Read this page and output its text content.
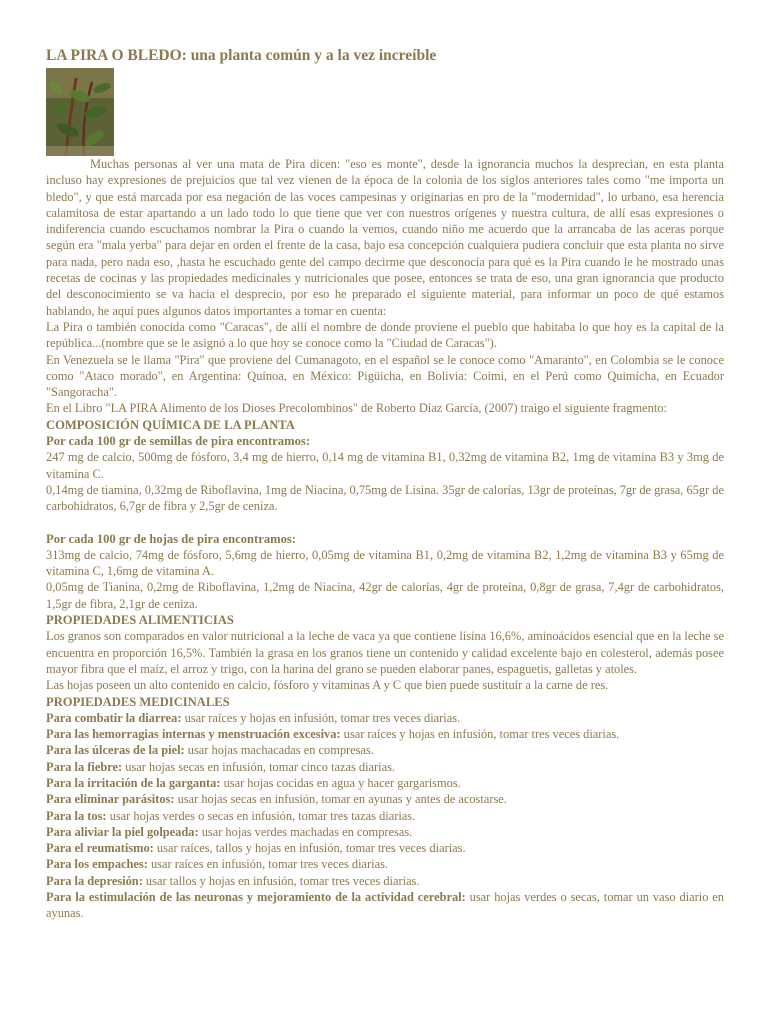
LA PIRA O BLEDO: una planta común y a la vez increíble

Muchas personas al ver una mata de Pira dicen: "eso es monte", desde la ignorancia muchos la desprecian, en esta planta incluso hay expresiones de prejuicios que tal vez vienen de la época de la colonia de los siglos anteriores tales como "me importa un bledo", y que está marcada por esa negación de las voces campesinas y originarias en pro de la "modernidad", lo urbano, esa herencia calamitosa de estar apartando a un lado todo lo que tiene que ver con nuestros orígenes y nuestra cultura, de allí esas expresiones o indiferencia cuando escuchamos nombrar la Pira o cuando la vemos, cuando niño me acuerdo que la arrancaba de las aceras porque según era "mala yerba" para dejar en orden el frente de la casa, bajo esa concepción cualquiera pudiera concluir que esta planta no sirve para nada, pero nada eso, ,hasta he escuchado gente del campo decirme que desconocía para qué es la Pira cuando le he mostrado unas recetas de cocinas y las propiedades medicinales y nutricionales que posee, entonces se trata de eso, una gran ignorancia que producto del desconocimiento se va hacia el desprecio, por eso he preparado el siguiente material, para informar un poco de qué estamos hablando, he aquí pues algunos datos importantes a tomar en cuenta:

La Pira o también conocida como "Caracas", de allí el nombre de donde proviene el pueblo que habitaba lo que hoy es la capital de la república...(nombre que se le asignó a lo que hoy se conoce como la "Ciudad de Caracas").

En Venezuela se le llama "Pira" que proviene del Cumanagoto, en el español se le conoce como "Amaranto", en Colombia se le conoce como "Ataco morado", en Argentina: Quínoa, en México: Pigüicha, en Bolivia: Coimi, en el Perú como Quimícha, en Ecuador "Sangoracha".

En el Libro "LA PIRA Alimento de los Dioses Precolombinos" de Roberto Díaz García, (2007) traigo el siguiente fragmento:

COMPOSICIÓN QUÍMICA DE LA PLANTA

Por cada 100 gr de semillas de pira encontramos:

247 mg de calcio, 500mg de fósforo, 3,4 mg de hierro, 0,14 mg de vitamina B1, 0,32mg de vitamina B2, 1mg de vitamina B3 y 3mg de vitamina C.

0,14mg de tiamina, 0,32mg de Riboflavina, 1mg de Niacina, 0,75mg de Lisina. 35gr de calorías, 13gr de proteínas, 7gr de grasa, 65gr de carbohidratos, 6,7gr de fibra y 2,5gr de ceniza.

Por cada 100 gr de hojas de pira encontramos:

313mg de calcio, 74mg de fósforo, 5,6mg de hierro, 0,05mg de vitamina B1, 0,2mg de vitamina B2, 1,2mg de vitamina B3 y 65mg de vitamina C, 1,6mg de vitamina A.

0,05mg de Tianina, 0,2mg de Riboflavina, 1,2mg de Niacina, 42gr de calorías, 4gr de proteína, 0,8gr de grasa, 7,4gr de carbohidratos, 1,5gr de fibra, 2,1gr de ceniza.

PROPIEDADES ALIMENTICIAS

Los granos son comparados en valor nutricional a la leche de vaca ya que contiene lísina 16,6%, aminoácidos esencial que en la leche se encuentra en proporción 16,5%. También la grasa en los granos tiene un contenido y calidad excelente bajo en colesterol, además posee mayor fibra que el maíz, el arroz y trigo, con la harina del grano se pueden elaborar panes, espaguetis, galletas y atoles.

Las hojas poseen un alto contenido en calcio, fósforo y vitaminas A y C que bien puede sustituír a la carne de res.

PROPIEDADES MEDICINALES

Para combatir la diarrea: usar raíces y hojas en infusión, tomar tres veces diarias.

Para las hemorragias internas y menstruación excesiva: usar raíces y hojas en infusión, tomar tres veces diarias.

Para las úlceras de la piel: usar hojas machacadas en compresas.

Para la fiebre: usar hojas secas en infusión, tomar cinco tazas diarias.

Para la irritación de la garganta: usar hojas cocidas en agua y hacer gargarismos.

Para eliminar parásitos: usar hojas secas en infusión, tomar en ayunas y antes de acostarse.

Para la tos: usar hojas verdes o secas en infusión, tomar tres tazas diarias.

Para aliviar la piel golpeada: usar hojas verdes machadas en compresas.

Para el reumatismo: usar raíces, tallos y hojas en infusión, tomar tres veces diarias.

Para los empaches: usar raíces en infusión, tomar tres veces diarias.

Para la depresión: usar tallos y hojas en infusión, tomar tres veces diarias.

Para la estimulación de las neuronas y mejoramiento de la actividad cerebral: usar hojas verdes o secas, tomar un vaso diario en ayunas.
